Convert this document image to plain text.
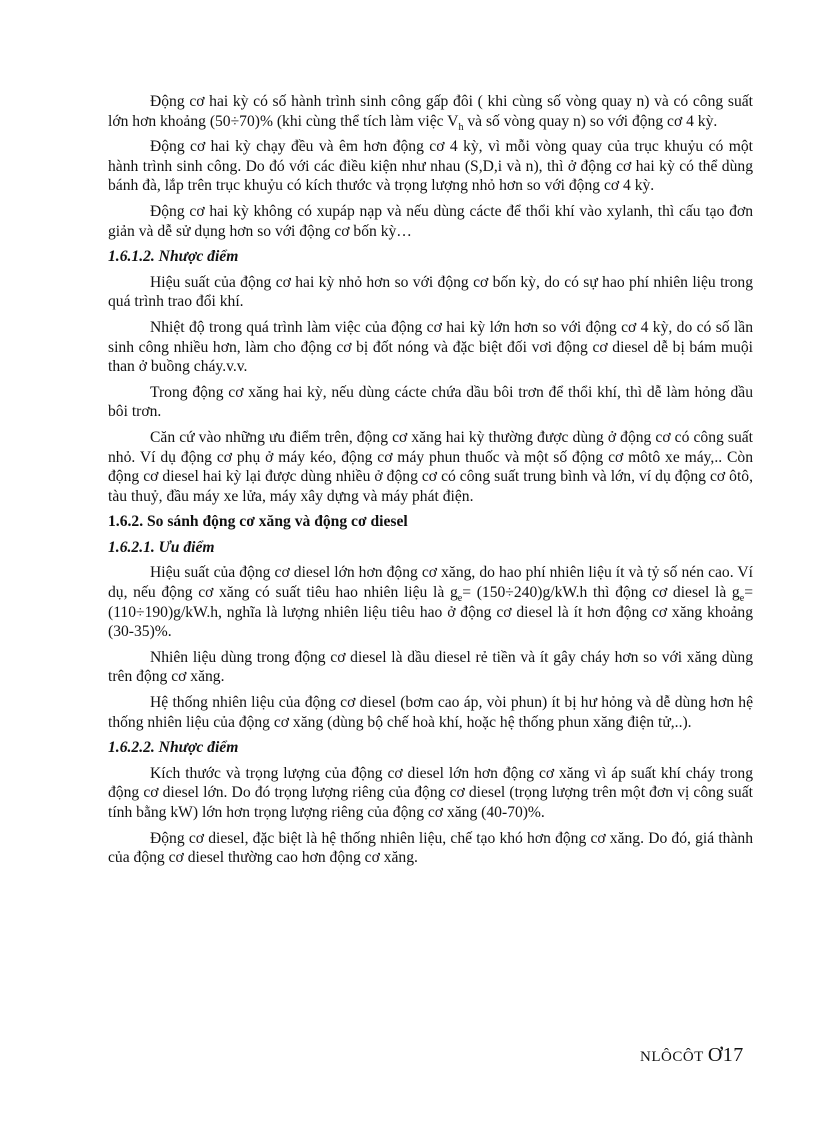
Động cơ hai kỳ có số hành trình sinh công gấp đôi ( khi cùng số vòng quay n) và có công suất lớn hơn khoảng (50÷70)% (khi cùng thể tích làm việc $V_h$ và số vòng quay n) so với động cơ 4 kỳ.

Động cơ hai kỳ chạy đều và êm hơn động cơ 4 kỳ, vì mỗi vòng quay của trục khuỷu có một hành trình sinh công. Do đó với các điều kiện như nhau (S,D,i và n), thì ở động cơ hai kỳ có thể dùng bánh đà, lắp trên trục khuỷu có kích thước và trọng lượng nhỏ hơn so với động cơ 4 kỳ.

Động cơ hai kỳ không có xupáp nạp và nếu dùng cácte để thổi khí vào xylanh, thì cấu tạo đơn giản và dễ sử dụng hơn so với động cơ bốn kỳ…

1.6.1.2. Nhược điểm

Hiệu suất của động cơ hai kỳ nhỏ hơn so với động cơ bốn kỳ, do có sự hao phí nhiên liệu trong quá trình trao đổi khí.

Nhiệt độ trong quá trình làm việc của động cơ hai kỳ lớn hơn so với động cơ 4 kỳ, do có số lần sinh công nhiều hơn, làm cho động cơ bị đốt nóng và đặc biệt đối vơi động cơ diesel dễ bị bám muội than ở buồng cháy.v.v.

Trong động cơ xăng hai kỳ, nếu dùng cácte chứa dầu bôi trơn để thổi khí, thì dễ làm hỏng dầu bôi trơn.

Căn cứ vào những ưu điểm trên, động cơ xăng hai kỳ thường được dùng ở động cơ có công suất nhỏ. Ví dụ động cơ phụ ở máy kéo, động cơ máy phun thuốc và một số động cơ môtô xe máy,.. Còn động cơ diesel hai kỳ lại được dùng nhiều ở động cơ có công suất trung bình và lớn, ví dụ động cơ ôtô, tàu thuỷ, đầu máy xe lửa, máy xây dựng và máy phát điện.

1.6.2. So sánh động cơ xăng và động cơ diesel
1.6.2.1. Ưu điểm

Hiệu suất của động cơ diesel lớn hơn động cơ xăng, do hao phí nhiên liệu ít và tỷ số nén cao. Ví dụ, nếu động cơ xăng có suất tiêu hao nhiên liệu là $g_e= (150\div 240)g/kW.h$ thì động cơ diesel là $g_e= (110\div 190)g/kW.h$, nghĩa là lượng nhiên liệu tiêu hao ở động cơ diesel là ít hơn động cơ xăng khoảng (30-35)%.

Nhiên liệu dùng trong động cơ diesel là dầu diesel rẻ tiền và ít gây cháy hơn so với xăng dùng trên động cơ xăng.

Hệ thống nhiên liệu của động cơ diesel (bơm cao áp, vòi phun) ít bị hư hỏng và dễ dùng hơn hệ thống nhiên liệu của động cơ xăng (dùng bộ chế hoà khí, hoặc hệ thống phun xăng điện tử,..).

1.6.2.2. Nhược điểm

Kích thước và trọng lượng của động cơ diesel lớn hơn động cơ xăng vì áp suất khí cháy trong động cơ diesel lớn. Do đó trọng lượng riêng của động cơ diesel (trọng lượng trên một đơn vị công suất tính bằng kW) lớn hơn trọng lượng riêng của động cơ xăng (40-70)%.

Động cơ diesel, đặc biệt là hệ thống nhiên liệu, chế tạo khó hơn động cơ xăng. Do đó, giá thành của động cơ diesel thường cao hơn động cơ xăng.

NLÔCÔT Ơ17
